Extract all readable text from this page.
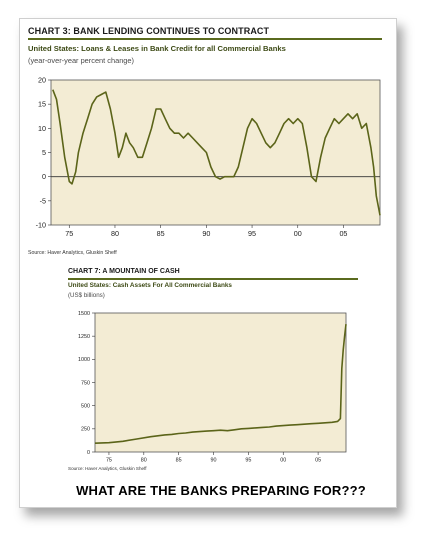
CHART 3: BANK LENDING CONTINUES TO CONTRACT
United States: Loans & Leases in Bank Credit for all Commercial Banks
(year-over-year percent change)
-10
-5
0
5
10
15
20
75	80	85	90	95	00	05
Source: Haver Analytics, Gluskin Sheff
CHART 7: A MOUNTAIN OF CASH
United States: Cash Assets For All Commercial Banks
(US$ billions)
0
250
500
750
1000
1250
1500
75	80	85	90	95	00	05
Source: Haver Analytics, Gluskin Sheff
WHAT ARE THE BANKS PREPARING FOR???
